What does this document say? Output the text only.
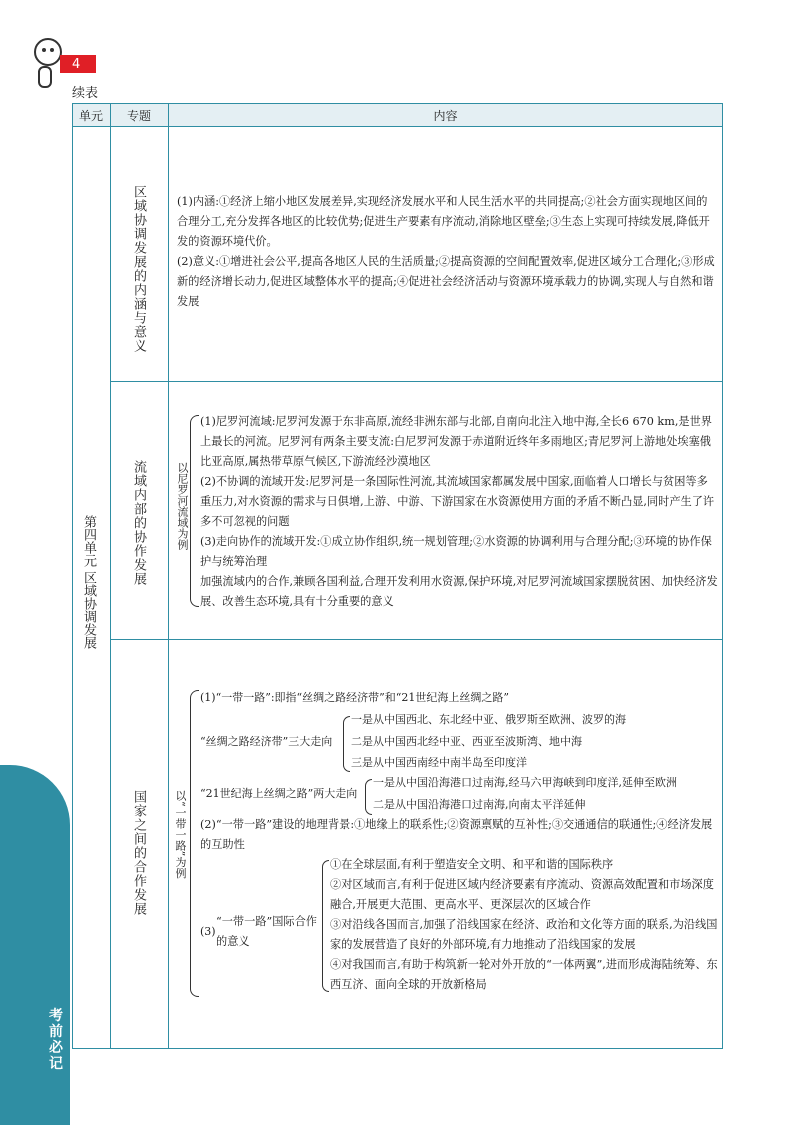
4
续表
考前必记
单元	专题	内容
第四单元 区域协调发展
区域协调发展的内涵与意义	(1)内涵:①经济上缩小地区发展差异,实现经济发展水平和人民生活水平的共同提高;②社会方面实现地区间的合理分工,充分发挥各地区的比较优势;促进生产要素有序流动,消除地区壁垒;③生态上实现可持续发展,降低开发的资源环境代价。
(2)意义:①增进社会公平,提高各地区人民的生活质量;②提高资源的空间配置效率,促进区域分工合理化;③形成新的经济增长动力,促进区域整体水平的提高;④促进社会经济活动与资源环境承载力的协调,实现人与自然和谐发展
流域内部的协作发展	以尼罗河流域为例
(1)尼罗河流域:尼罗河发源于东非高原,流经非洲东部与北部,自南向北注入地中海,全长6 670 km,是世界上最长的河流。尼罗河有两条主要支流:白尼罗河发源于赤道附近终年多雨地区;青尼罗河上游地处埃塞俄比亚高原,属热带草原气候区,下游流经沙漠地区
(2)不协调的流域开发:尼罗河是一条国际性河流,其流域国家都属发展中国家,面临着人口增长与贫困等多重压力,对水资源的需求与日俱增,上游、中游、下游国家在水资源使用方面的矛盾不断凸显,同时产生了许多不可忽视的问题
(3)走向协作的流域开发:①成立协作组织,统一规划管理;②水资源的协调利用与合理分配;③环境的协作保护与统筹治理
加强流域内的合作,兼顾各国利益,合理开发利用水资源,保护环境,对尼罗河流域国家摆脱贫困、加快经济发展、改善生态环境,具有十分重要的意义
国家之间的合作发展	以“一带一路”为例
(1)“一带一路”:即指“丝绸之路经济带”和“21世纪海上丝绸之路”
“丝绸之路经济带”三大走向
一是从中国西北、东北经中亚、俄罗斯至欧洲、波罗的海
二是从中国西北经中亚、西亚至波斯湾、地中海
三是从中国西南经中南半岛至印度洋
“21世纪海上丝绸之路”两大走向
一是从中国沿海港口过南海,经马六甲海峡到印度洋,延伸至欧洲
二是从中国沿海港口过南海,向南太平洋延伸
(2)“一带一路”建设的地理背景:①地缘上的联系性;②资源禀赋的互补性;③交通通信的联通性;④经济发展的互助性
(3)
“一带一路”国际合作的意义
①在全球层面,有利于塑造安全文明、和平和谐的国际秩序
②对区域而言,有利于促进区域内经济要素有序流动、资源高效配置和市场深度融合,开展更大范围、更高水平、更深层次的区域合作
③对沿线各国而言,加强了沿线国家在经济、政治和文化等方面的联系,为沿线国家的发展营造了良好的外部环境,有力地推动了沿线国家的发展
④对我国而言,有助于构筑新一轮对外开放的“一体两翼”,进而形成海陆统筹、东西互济、面向全球的开放新格局
